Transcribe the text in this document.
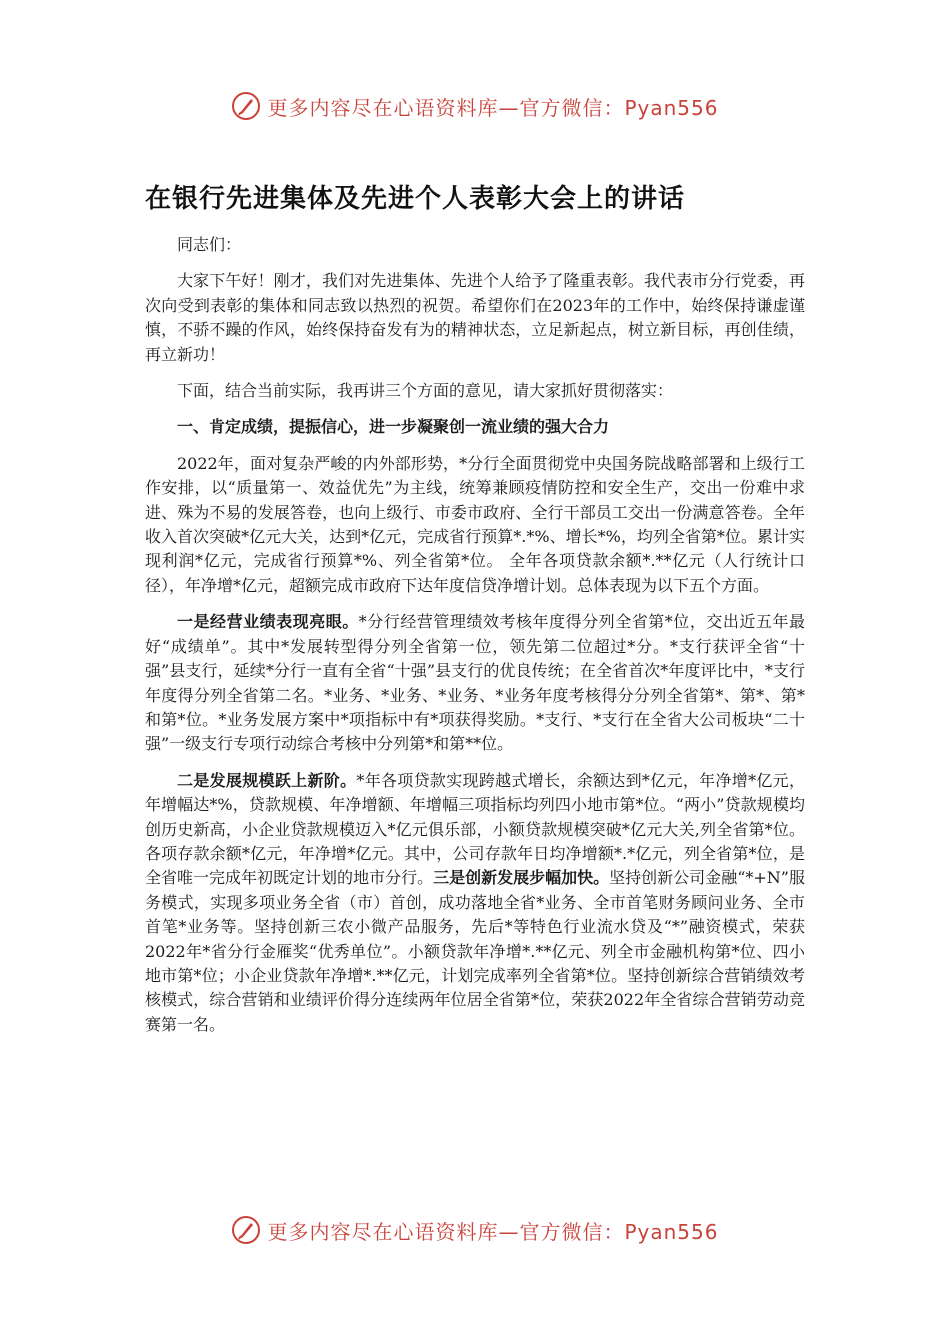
更多内容尽在心语资料库—官方微信：Pyan556
在银行先进集体及先进个人表彰大会上的讲话

同志们：

大家下午好！刚才，我们对先进集体、先进个人给予了隆重表彰。我代表市分行党委，再次向受到表彰的集体和同志致以热烈的祝贺。希望你们在2023年的工作中，始终保持谦虚谨慎，不骄不躁的作风，始终保持奋发有为的精神状态，立足新起点，树立新目标，再创佳绩，再立新功！

下面，结合当前实际，我再讲三个方面的意见，请大家抓好贯彻落实：

一、肯定成绩，提振信心，进一步凝聚创一流业绩的强大合力

2022年，面对复杂严峻的内外部形势，*分行全面贯彻党中央国务院战略部署和上级行工作安排，以“质量第一、效益优先”为主线，统筹兼顾疫情防控和安全生产，交出一份难中求进、殊为不易的发展答卷，也向上级行、市委市政府、全行干部员工交出一份满意答卷。全年收入首次突破*亿元大关，达到*亿元，完成省行预算*.*%、增长*%，均列全省第*位。累计实现利润*亿元，完成省行预算*%、列全省第*位。 全年各项贷款余额*.**亿元（人行统计口径），年净增*亿元，超额完成市政府下达年度信贷净增计划。总体表现为以下五个方面。

一是经营业绩表现亮眼。*分行经营管理绩效考核年度得分列全省第*位，交出近五年最好“成绩单”。其中*发展转型得分列全省第一位，领先第二位超过*分。*支行获评全省“十强”县支行，延续*分行一直有全省“十强”县支行的优良传统；在全省首次*年度评比中，*支行年度得分列全省第二名。*业务、*业务、*业务、*业务年度考核得分分列全省第*、第*、第*和第*位。*业务发展方案中*项指标中有*项获得奖励。*支行、*支行在全省大公司板块“二十强”一级支行专项行动综合考核中分列第*和第**位。

二是发展规模跃上新阶。*年各项贷款实现跨越式增长，余额达到*亿元，年净增*亿元，年增幅达*%，贷款规模、年净增额、年增幅三项指标均列四小地市第*位。“两小”贷款规模均创历史新高，小企业贷款规模迈入*亿元俱乐部，小额贷款规模突破*亿元大关,列全省第*位。各项存款余额*亿元，年净增*亿元。其中，公司存款年日均净增额*.*亿元，列全省第*位，是全省唯一完成年初既定计划的地市分行。三是创新发展步幅加快。坚持创新公司金融“*+N”服务模式，实现多项业务全省（市）首创，成功落地全省*业务、全市首笔财务顾问业务、全市首笔*业务等。坚持创新三农小微产品服务，先后*等特色行业流水贷及“*”融资模式，荣获2022年*省分行金雁奖“优秀单位”。小额贷款年净增*.**亿元、列全市金融机构第*位、四小地市第*位；小企业贷款年净增*.**亿元，计划完成率列全省第*位。坚持创新综合营销绩效考核模式，综合营销和业绩评价得分连续两年位居全省第*位，荣获2022年全省综合营销劳动竞赛第一名。

更多内容尽在心语资料库—官方微信：Pyan556
